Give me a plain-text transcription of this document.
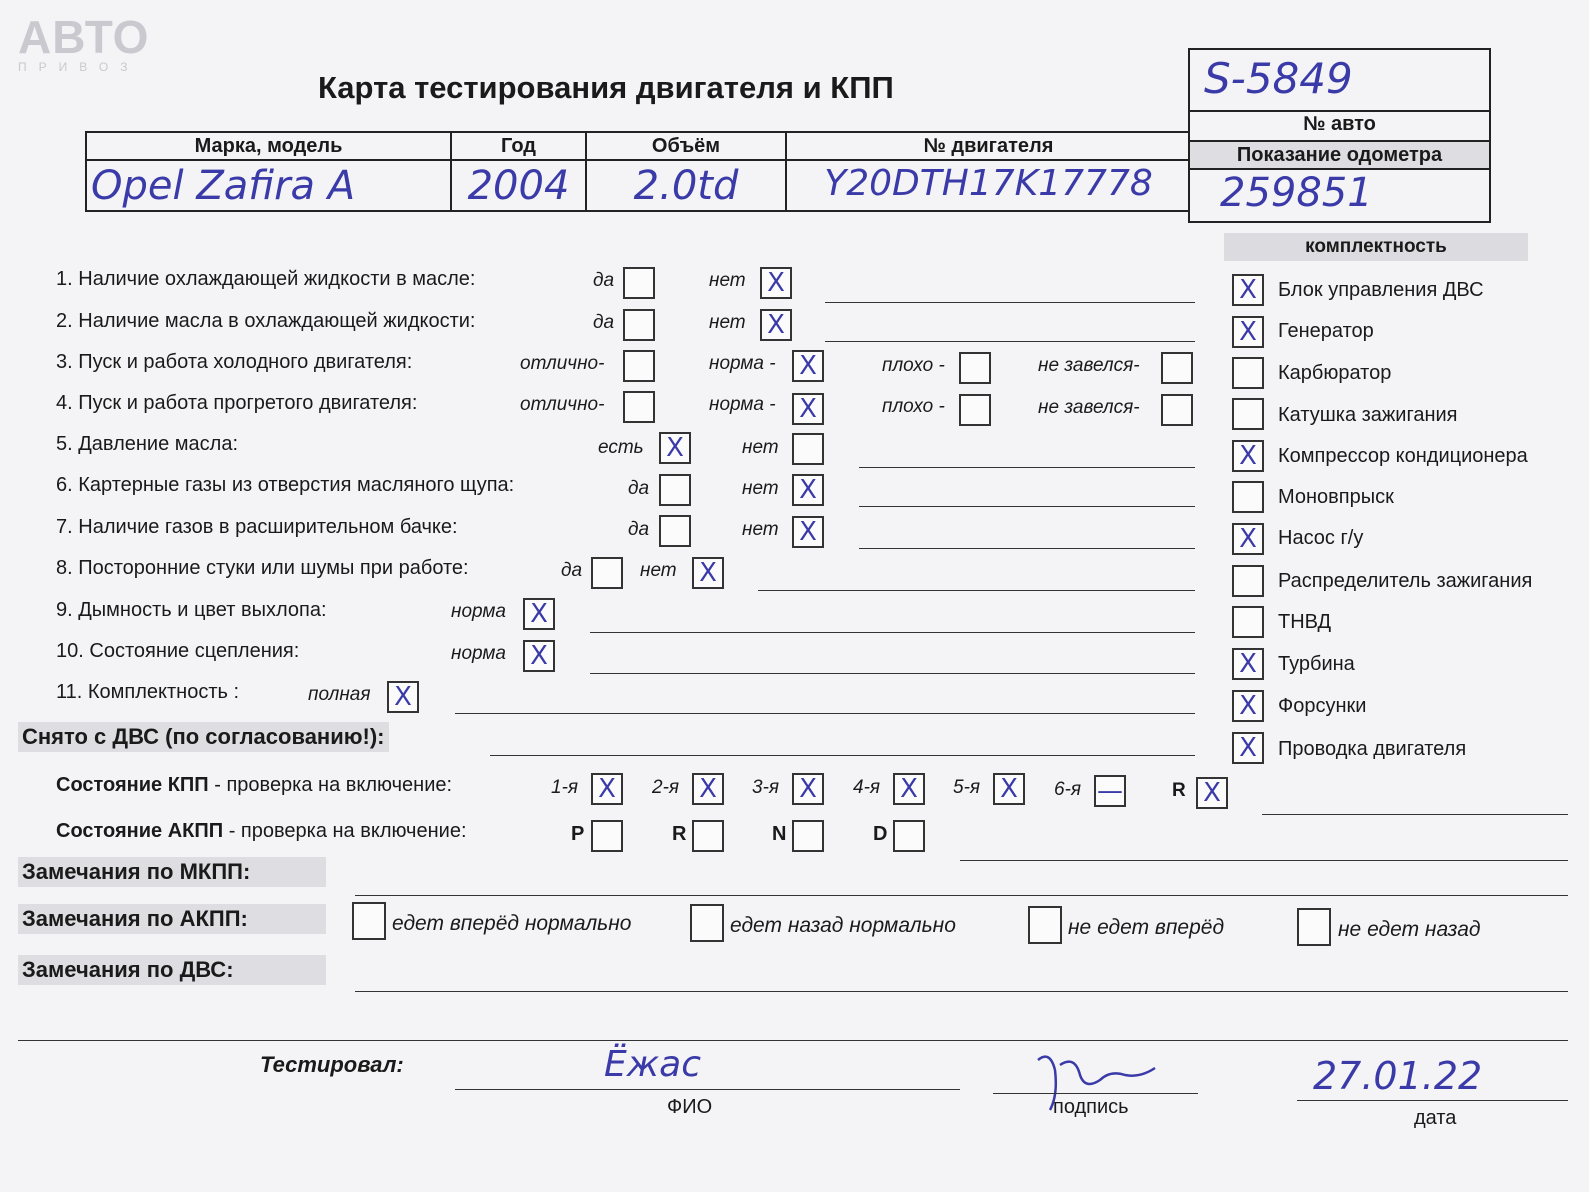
АВТО
ПРИВОЗ
Карта тестирования двигателя и КПП	S-5849
№ авто
Марка, модель
Opel Zafira A
Год
2004
Объём
2.0td
№ двигателя
Y20DTH17K17778
Показание одометра
259851
1. Наличие охлаждающей жидкости в масле:	да	нет X
2. Наличие масла в охлаждающей жидкости:	да	нет X
3. Пуск и работа холодного двигателя:	отлично-	норма - X	плохо -	не завелся-
4. Пуск и работа прогретого двигателя:	отлично-	норма - X	плохо -	не завелся-
5. Давление масла:	есть X	нет
6. Картерные газы из отверстия масляного щупа:	да	нет X
7. Наличие газов в расширительном бачке:	да	нет X
8. Посторонние стуки или шумы при работе:	да	нет X
9. Дымность и цвет выхлопа:	норма X
10. Состояние сцепления:	норма X
11. Комплектность :	полная X
Снято с ДВС (по согласованию!):
Состояние КПП - проверка на включение:	1-я X	2-я X	3-я X	4-я X	5-я X	6-я —	R X
Состояние АКПП - проверка на включение:	P	R	N	D
Замечания по МКПП:
Замечания по АКПП:	едет вперёд нормально	едет назад нормально	не едет вперёд	не едет назад
Замечания по ДВС:
комплектность
X	Блок управления ДВС
X	Генератор
Карбюратор
Катушка зажигания
X	Компрессор кондиционера
Моновпрыск
X	Насос г/у
Распределитель зажигания
ТНВД
X	Турбина
X	Форсунки
X	Проводка двигателя
Тестировал:	Ёжас
ФИО	подпись
27.01.22
дата
